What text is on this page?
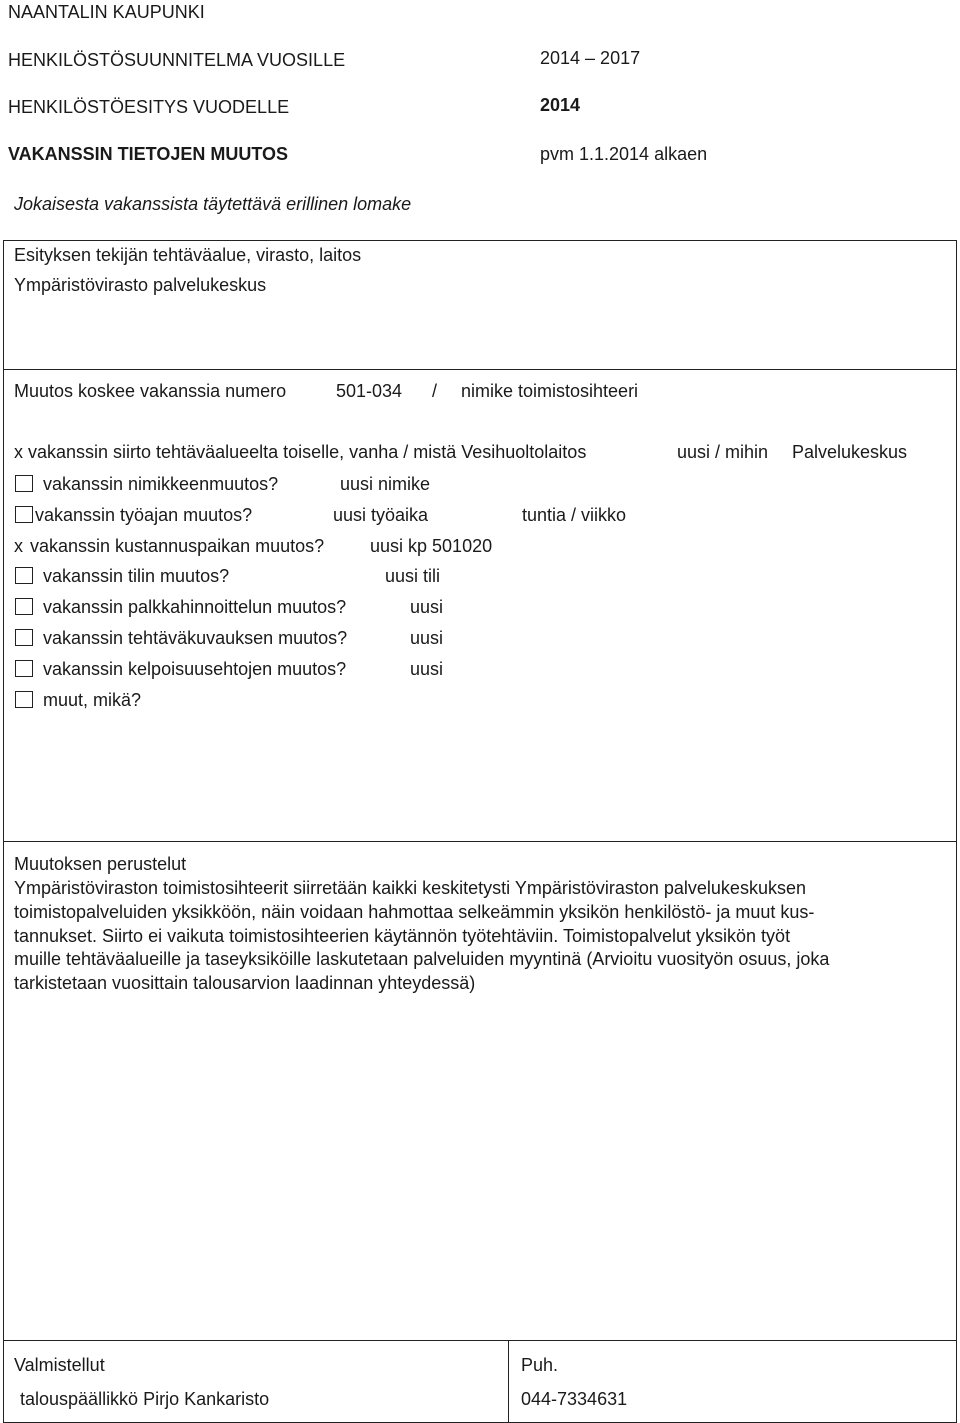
NAANTALIN KAUPUNKI
HENKILÖSTÖSUUNNITELMA VUOSILLE	2014 – 2017
HENKILÖSTÖESITYS VUODELLE	2014
VAKANSSIN TIETOJEN MUUTOS	pvm 1.1.2014 alkaen
Jokaisesta vakanssista täytettävä erillinen lomake
Esityksen tekijän tehtäväalue, virasto, laitos
Ympäristövirasto palvelukeskus
Muutos koskee vakanssia numero	501-034 / nimike toimistosihteeri
x vakanssin siirto tehtäväalueelta toiselle, vanha / mistä Vesihuoltolaitos	uusi / mihin Palvelukeskus
vakanssin nimikkeenmuutos?	uusi nimike
vakanssin työajan muutos?	uusi työaika	tuntia / viikko
x vakanssin kustannuspaikan muutos?	uusi kp 501020
vakanssin tilin muutos?	uusi tili
vakanssin palkkahinnoittelun muutos?	uusi
vakanssin tehtäväkuvauksen muutos?	uusi
vakanssin kelpoisuusehtojen muutos?	uusi
muut, mikä?
Muutoksen perustelut
Ympäristöviraston toimistosihteerit siirretään kaikki keskitetysti Ympäristöviraston palvelukeskuksen
toimistopalveluiden yksikköön, näin voidaan hahmottaa selkeämmin yksikön henkilöstö- ja muut kus-
tannukset. Siirto ei vaikuta toimistosihteerien käytännön työtehtäviin. Toimistopalvelut yksikön työt
muille tehtäväalueille ja taseyksiköille laskutetaan palveluiden myyntinä (Arvioitu vuosityön osuus, joka
tarkistetaan vuosittain talousarvion laadinnan yhteydessä)
Valmistellut
talouspäällikkö Pirjo Kankaristo
Puh.
044-7334631
